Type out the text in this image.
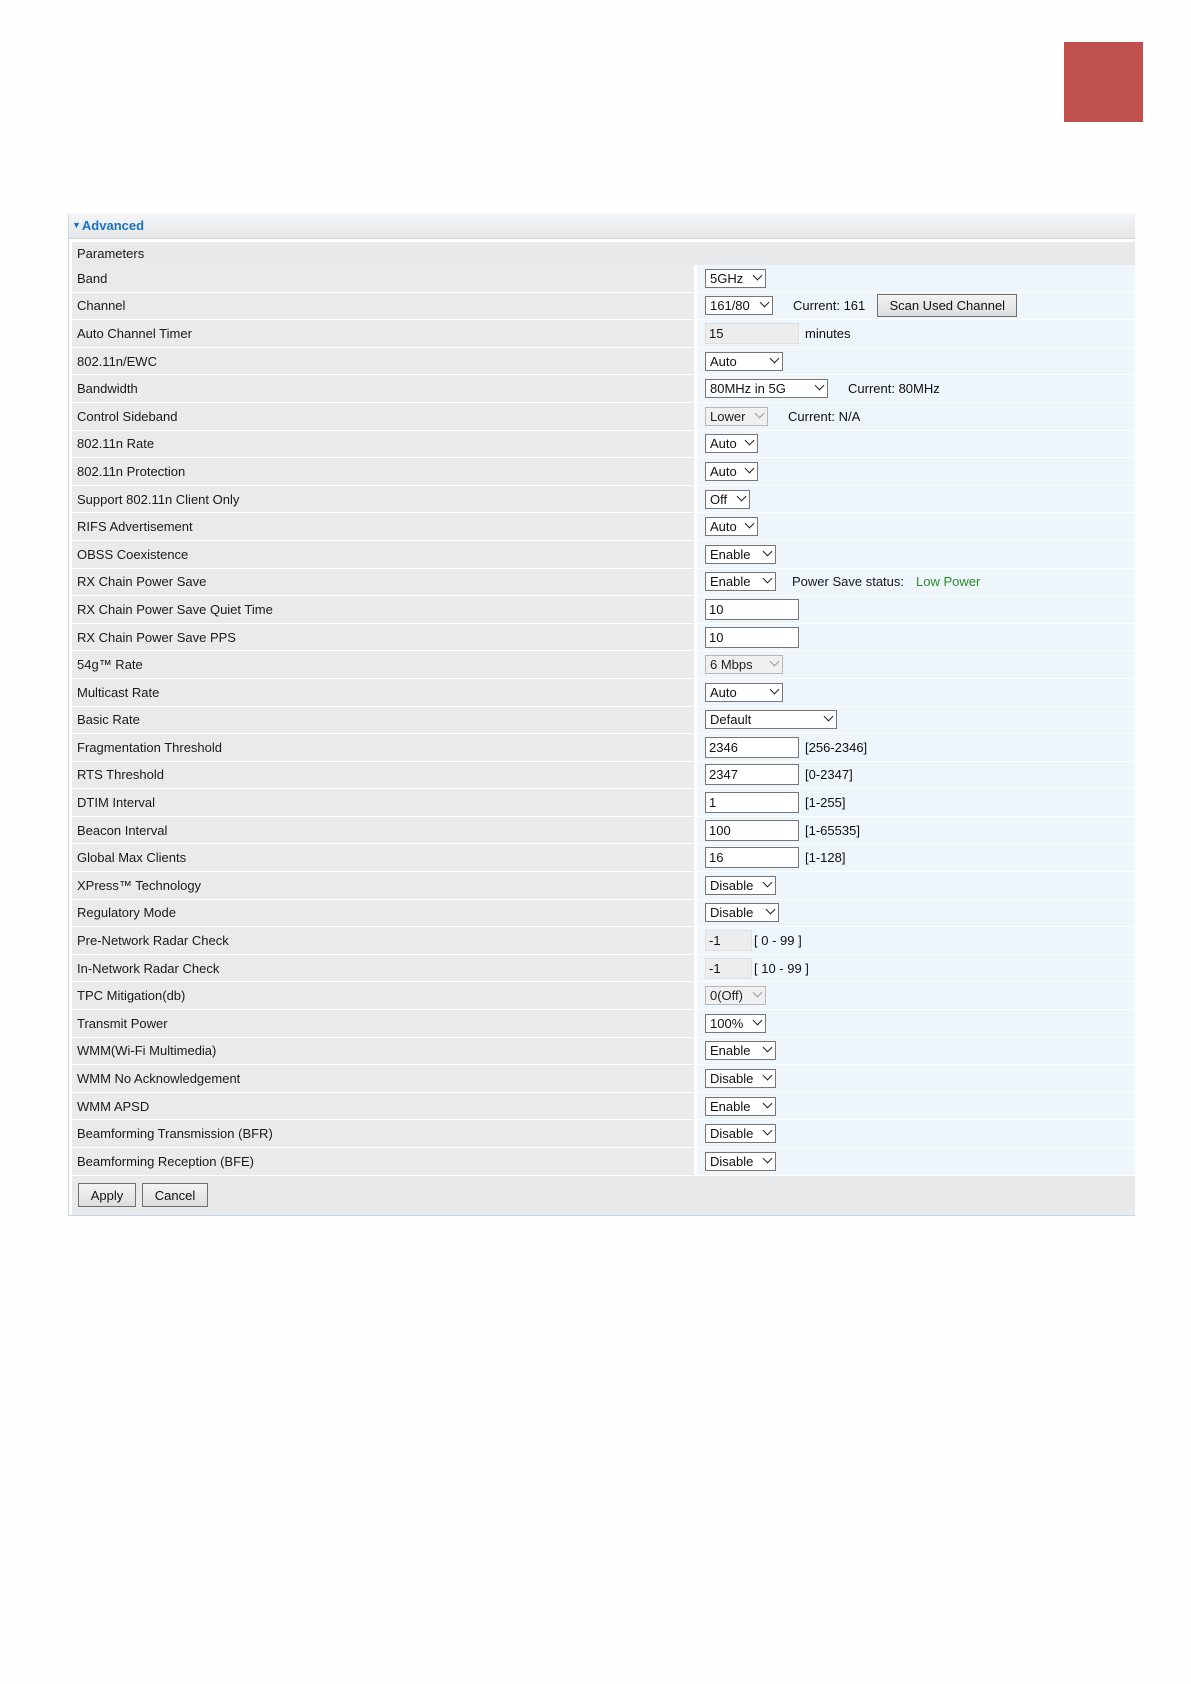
▼Advanced
Parameters
Band	5GHz
Channel	161/80	Current: 161	Scan Used Channel
Auto Channel Timer	15	minutes
802.11n/EWC	Auto
Bandwidth	80MHz in 5G	Current: 80MHz
Control Sideband	Lower	Current: N/A
802.11n Rate	Auto
802.11n Protection	Auto
Support 802.11n Client Only	Off
RIFS Advertisement	Auto
OBSS Coexistence	Enable
RX Chain Power Save	Enable	Power Save status: Low Power
RX Chain Power Save Quiet Time	10
RX Chain Power Save PPS	10
54g™ Rate	6 Mbps
Multicast Rate	Auto
Basic Rate	Default
Fragmentation Threshold	2346	[256-2346]
RTS Threshold	2347	[0-2347]
DTIM Interval	1	[1-255]
Beacon Interval	100	[1-65535]
Global Max Clients	16	[1-128]
XPress™ Technology	Disable
Regulatory Mode	Disable
Pre-Network Radar Check	-1	[ 0 - 99 ]
In-Network Radar Check	-1	[ 10 - 99 ]
TPC Mitigation(db)	0(Off)
Transmit Power	100%
WMM(Wi-Fi Multimedia)	Enable
WMM No Acknowledgement	Disable
WMM APSD	Enable
Beamforming Transmission (BFR)	Disable
Beamforming Reception (BFE)	Disable
Apply	Cancel
